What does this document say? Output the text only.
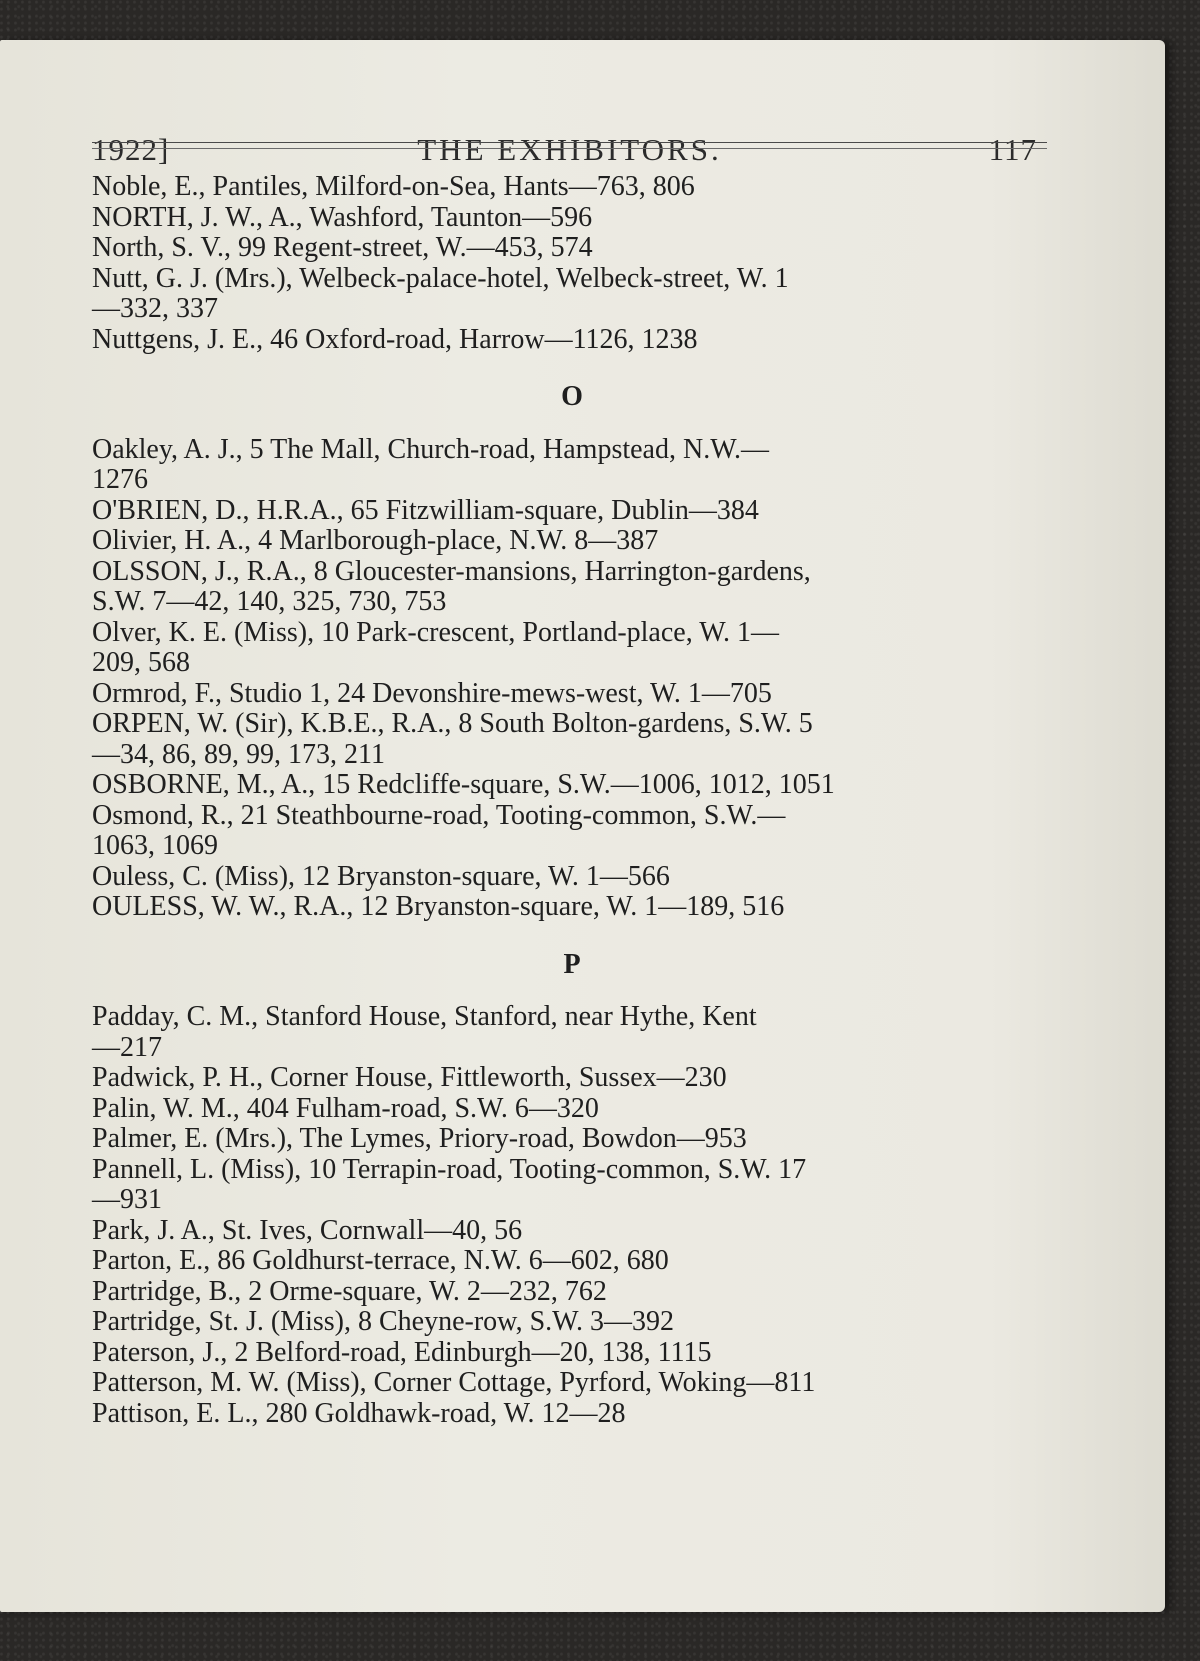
1922]	THE EXHIBITORS.	117
Noble, E., Pantiles, Milford-on-Sea, Hants—763, 806
NORTH, J. W., A., Washford, Taunton—596
North, S. V., 99 Regent-street, W.—453, 574
Nutt, G. J. (Mrs.), Welbeck-palace-hotel, Welbeck-street, W. 1
—332, 337
Nuttgens, J. E., 46 Oxford-road, Harrow—1126, 1238
O
Oakley, A. J., 5 The Mall, Church-road, Hampstead, N.W.—
1276
O'BRIEN, D., H.R.A., 65 Fitzwilliam-square, Dublin—384
Olivier, H. A., 4 Marlborough-place, N.W. 8—387
OLSSON, J., R.A., 8 Gloucester-mansions, Harrington-gardens,
S.W. 7—42, 140, 325, 730, 753
Olver, K. E. (Miss), 10 Park-crescent, Portland-place, W. 1—
209, 568
Ormrod, F., Studio 1, 24 Devonshire-mews-west, W. 1—705
ORPEN, W. (Sir), K.B.E., R.A., 8 South Bolton-gardens, S.W. 5
—34, 86, 89, 99, 173, 211
OSBORNE, M., A., 15 Redcliffe-square, S.W.—1006, 1012, 1051
Osmond, R., 21 Steathbourne-road, Tooting-common, S.W.—
1063, 1069
Ouless, C. (Miss), 12 Bryanston-square, W. 1—566
OULESS, W. W., R.A., 12 Bryanston-square, W. 1—189, 516
P
Padday, C. M., Stanford House, Stanford, near Hythe, Kent
—217
Padwick, P. H., Corner House, Fittleworth, Sussex—230
Palin, W. M., 404 Fulham-road, S.W. 6—320
Palmer, E. (Mrs.), The Lymes, Priory-road, Bowdon—953
Pannell, L. (Miss), 10 Terrapin-road, Tooting-common, S.W. 17
—931
Park, J. A., St. Ives, Cornwall—40, 56
Parton, E., 86 Goldhurst-terrace, N.W. 6—602, 680
Partridge, B., 2 Orme-square, W. 2—232, 762
Partridge, St. J. (Miss), 8 Cheyne-row, S.W. 3—392
Paterson, J., 2 Belford-road, Edinburgh—20, 138, 1115
Patterson, M. W. (Miss), Corner Cottage, Pyrford, Woking—811
Pattison, E. L., 280 Goldhawk-road, W. 12—28
